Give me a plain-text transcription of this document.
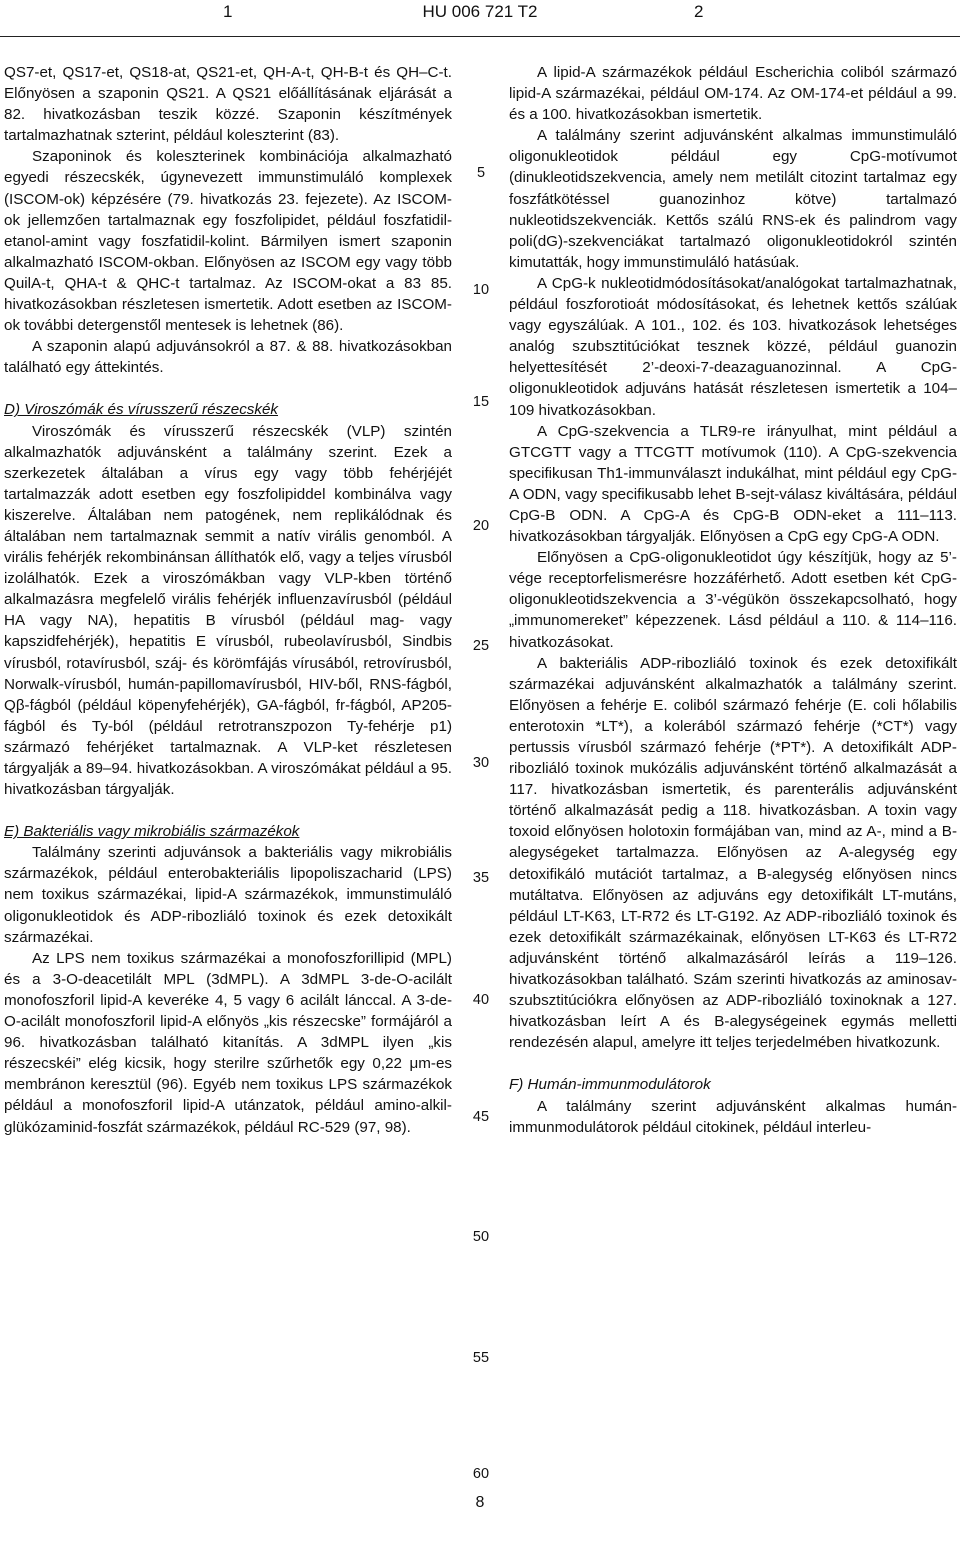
1	HU 006 721 T2	2

QS7-et, QS17-et, QS18-at, QS21-et, QH-A-t, QH-B-t és QH–C-t. Előnyösen a szaponin QS21. A QS21 előállításának eljárását a 82. hivatkozásban teszik közzé. Szaponin készítmények tartalmazhatnak szterint, például koleszterint (83).

Szaponinok és koleszterinek kombinációja alkalmazható egyedi részecskék, úgynevezett immunstimuláló komplexek (ISCOM-ok) képzésére (79. hivatkozás 23. fejezete). Az ISCOM-ok jellemzően tartalmaznak egy foszfolipidet, például foszfatidil-etanol-amint vagy foszfatidil-kolint. Bármilyen ismert szaponin alkalmazható ISCOM-okban. Előnyösen az ISCOM egy vagy több QuilA-t, QHA-t & QHC-t tartalmaz. Az ISCOM-okat a 83 85. hivatkozásokban részletesen ismertetik. Adott esetben az ISCOM-ok további detergenstől mentesek is lehetnek (86).

A szaponin alapú adjuvánsokról a 87. & 88. hivatkozásokban található egy áttekintés.

D) Viroszómák és vírusszerű részecskék

Viroszómák és vírusszerű részecskék (VLP) szintén alkalmazhatók adjuvánsként a találmány szerint. Ezek a szerkezetek általában a vírus egy vagy több fehérjéjét tartalmazzák adott esetben egy foszfolipiddel kombinálva vagy kiszerelve. Általában nem patogének, nem replikálódnak és általában nem tartalmaznak semmit a natív virális genomból. A virális fehérjék rekombinánsan állíthatók elő, vagy a teljes vírusból izolálhatók. Ezek a viroszómákban vagy VLP-kben történő alkalmazásra megfelelő virális fehérjék influenzavírusból (például HA vagy NA), hepatitis B vírusból (például mag- vagy kapszidfehérjék), hepatitis E vírusból, rubeolavírusból, Sindbis vírusból, rotavírusból, száj- és körömfájás vírusából, retrovírusból, Norwalk-vírusból, humán-papillomavírusból, HIV-ből, RNS-fágból, Qβ-fágból (például köpenyfehérjék), GA-fágból, fr-fágból, AP205-fágból és Ty-ból (például retrotranszpozon Ty-fehérje p1) származó fehérjéket tartalmaznak. A VLP-ket részletesen tárgyalják a 89–94. hivatkozásokban. A viroszómákat például a 95. hivatkozásban tárgyalják.

E) Bakteriális vagy mikrobiális származékok

Találmány szerinti adjuvánsok a bakteriális vagy mikrobiális származékok, például enterobakteriális lipopoliszacharid (LPS) nem toxikus származékai, lipid-A származékok, immunstimuláló oligonukleotidok és ADP-ribozliáló toxinok és ezek detoxikált származékai.

Az LPS nem toxikus származékai a monofoszforillipid (MPL) és a 3-O-deacetilált MPL (3dMPL). A 3dMPL 3-de-O-acilált monofoszforil lipid-A keveréke 4, 5 vagy 6 acilált lánccal. A 3-de-O-acilált monofoszforil lipid-A előnyös „kis részecske” formájáról a 96. hivatkozásban található kitanítás. A 3dMPL ilyen „kis részecskéi” elég kicsik, hogy sterilre szűrhetők egy 0,22 μm-es membránon keresztül (96). Egyéb nem toxikus LPS származékok például a monofoszforil lipid-A utánzatok, például amino-alkil-glükózaminid-foszfát származékok, például RC-529 (97, 98).

A lipid-A származékok például Escherichia coliból származó lipid-A származékai, például OM-174. Az OM-174-et például a 99. és a 100. hivatkozásokban ismertetik.

A találmány szerint adjuvánsként alkalmas immunstimuláló oligonukleotidok például egy CpG-motívumot (dinukleotidszekvencia, amely nem metilált citozint tartalmaz egy foszfátkötéssel guanozinhoz kötve) tartalmazó nukleotidszekvenciák. Kettős szálú RNS-ek és palindrom vagy poli(dG)-szekvenciákat tartalmazó oligonukleotidokról szintén kimutatták, hogy immunstimuláló hatásúak.

A CpG-k nukleotidmódosításokat/analógokat tartalmazhatnak, például foszforotioát módosításokat, és lehetnek kettős szálúak vagy egyszálúak. A 101., 102. és 103. hivatkozások lehetséges analóg szubsztitúciókat tesznek közzé, például guanozin helyettesítését 2’-deoxi-7-deazaguanozinnal. A CpG-oligonukleotidok adjuváns hatását részletesen ismertetik a 104–109 hivatkozásokban.

A CpG-szekvencia a TLR9-re irányulhat, mint például a GTCGTT vagy a TTCGTT motívumok (110). A CpG-szekvencia specifikusan Th1-immunválaszt indukálhat, mint például egy CpG-A ODN, vagy specifikusabb lehet B-sejt-válasz kiváltására, például CpG-B ODN. A CpG-A és CpG-B ODN-eket a 111–113. hivatkozásokban tárgyalják. Előnyösen a CpG egy CpG-A ODN.

Előnyösen a CpG-oligonukleotidot úgy készítjük, hogy az 5’-vége receptorfelismerésre hozzáférhető. Adott esetben két CpG-oligonukleotidszekvencia a 3’-végükön összekapcsolható, hogy „immunomereket” képezzenek. Lásd például a 110. & 114–116. hivatkozásokat.

A bakteriális ADP-ribozliáló toxinok és ezek detoxifikált származékai adjuvánsként alkalmazhatók a találmány szerint. Előnyösen a fehérje E. coliból származó fehérje (E. coli hőlabilis enterotoxin *LT*), a kolerából származó fehérje (*CT*) vagy pertussis vírusból származó fehérje (*PT*). A detoxifikált ADP-ribozliáló toxinok mukózális adjuvánsként történő alkalmazását a 117. hivatkozásban ismertetik, és parenterális adjuvánsként történő alkalmazását pedig a 118. hivatkozásban. A toxin vagy toxoid előnyösen holotoxin formájában van, mind az A-, mind a B-alegységeket tartalmazza. Előnyösen az A-alegység egy detoxifikáló mutációt tartalmaz, a B-alegység előnyösen nincs mutáltatva. Előnyösen az adjuváns egy detoxifikált LT-mutáns, például LT-K63, LT-R72 és LT-G192. Az ADP-ribozliáló toxinok és ezek detoxifikált származékainak, előnyösen LT-K63 és LT-R72 adjuvánsként történő alkalmazásáról leírás a 119–126. hivatkozásokban található. Szám szerinti hivatkozás az aminosav-szubsztitúciókra előnyösen az ADP-ribozliáló toxinoknak a 127. hivatkozásban leírt A és B-alegységeinek egymás melletti rendezésén alapul, amelyre itt teljes terjedelmében hivatkozunk.

F) Humán-immunmodulátorok

A találmány szerint adjuvánsként alkalmas humán-immunmodulátorok például citokinek, például interleu-

5
10
15
20
25
30
35
40
45
50
55
60
8
